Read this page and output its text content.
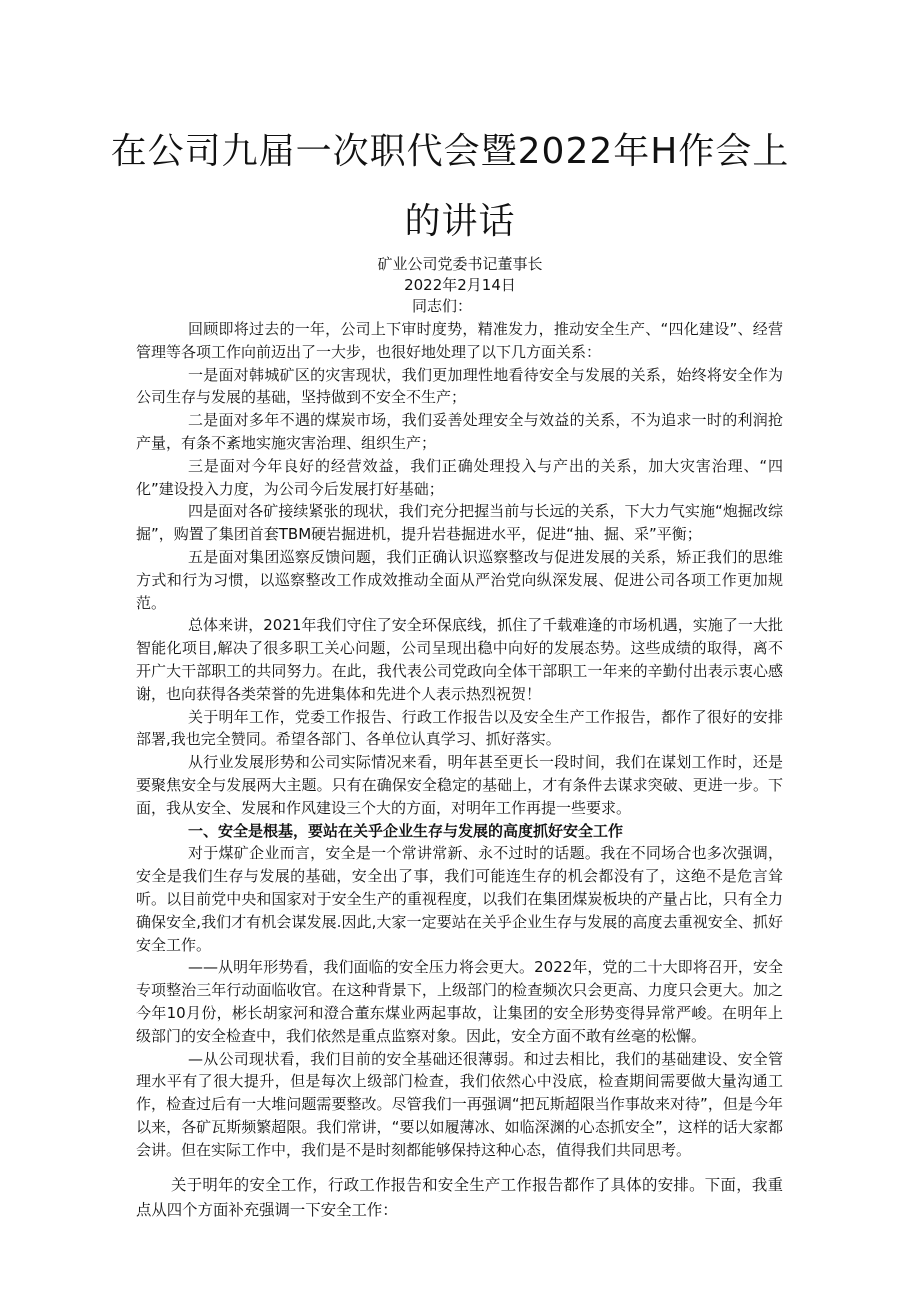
在公司九届一次职代会暨2022年H作会上
的讲话
矿业公司党委书记董事长
2022年2月14日
同志们：

回顾即将过去的一年，公司上下审时度势，精准发力，推动安全生产、“四化建设”、经营管理等各项工作向前迈出了一大步，也很好地处理了以下几方面关系：

一是面对韩城矿区的灾害现状，我们更加理性地看待安全与发展的关系，始终将安全作为公司生存与发展的基础，坚持做到不安全不生产；

二是面对多年不遇的煤炭市场，我们妥善处理安全与效益的关系，不为追求一时的利润抢产量，有条不紊地实施灾害治理、组织生产；

三是面对今年良好的经营效益，我们正确处理投入与产出的关系，加大灾害治理、“四化”建设投入力度，为公司今后发展打好基础；

四是面对各矿接续紧张的现状，我们充分把握当前与长远的关系，下大力气实施“炮掘改综掘”，购置了集团首套TBM硬岩掘进机，提升岩巷掘进水平，促进“抽、掘、采”平衡；

五是面对集团巡察反馈问题，我们正确认识巡察整改与促进发展的关系，矫正我们的思维方式和行为习惯，以巡察整改工作成效推动全面从严治党向纵深发展、促进公司各项工作更加规范。

总体来讲，2021年我们守住了安全环保底线，抓住了千载难逢的市场机遇，实施了一大批智能化项目,解决了很多职工关心问题，公司呈现出稳中向好的发展态势。这些成绩的取得，离不开广大干部职工的共同努力。在此，我代表公司党政向全体干部职工一年来的辛勤付出表示衷心感谢，也向获得各类荣誉的先进集体和先进个人表示热烈祝贺！

关于明年工作，党委工作报告、行政工作报告以及安全生产工作报告，都作了很好的安排部署,我也完全赞同。希望各部门、各单位认真学习、抓好落实。

从行业发展形势和公司实际情况来看，明年甚至更长一段时间，我们在谋划工作时，还是要聚焦安全与发展两大主题。只有在确保安全稳定的基础上，才有条件去谋求突破、更进一步。下面，我从安全、发展和作风建设三个大的方面，对明年工作再提一些要求。

一、安全是根基，要站在关乎企业生存与发展的高度抓好安全工作

对于煤矿企业而言，安全是一个常讲常新、永不过时的话题。我在不同场合也多次强调，安全是我们生存与发展的基础，安全出了事，我们可能连生存的机会都没有了，这绝不是危言耸听。以目前党中央和国家对于安全生产的重视程度，以我们在集团煤炭板块的产量占比，只有全力确保安全,我们才有机会谋发展.因此,大家一定要站在关乎企业生存与发展的高度去重视安全、抓好安全工作。

——从明年形势看，我们面临的安全压力将会更大。2022年，党的二十大即将召开，安全专项整治三年行动面临收官。在这种背景下，上级部门的检查频次只会更高、力度只会更大。加之今年10月份，彬长胡家河和澄合董东煤业两起事故，让集团的安全形势变得异常严峻。在明年上级部门的安全检查中，我们依然是重点监察对象。因此，安全方面不敢有丝毫的松懈。

—从公司现状看，我们目前的安全基础还很薄弱。和过去相比，我们的基础建设、安全管理水平有了很大提升，但是每次上级部门检查，我们依然心中没底，检查期间需要做大量沟通工作，检查过后有一大堆问题需要整改。尽管我们一再强调“把瓦斯超限当作事故来对待”，但是今年以来，各矿瓦斯频繁超限。我们常讲，“要以如履薄冰、如临深渊的心态抓安全”，这样的话大家都会讲。但在实际工作中，我们是不是时刻都能够保持这种心态，值得我们共同思考。

关于明年的安全工作，行政工作报告和安全生产工作报告都作了具体的安排。下面，我重点从四个方面补充强调一下安全工作：
